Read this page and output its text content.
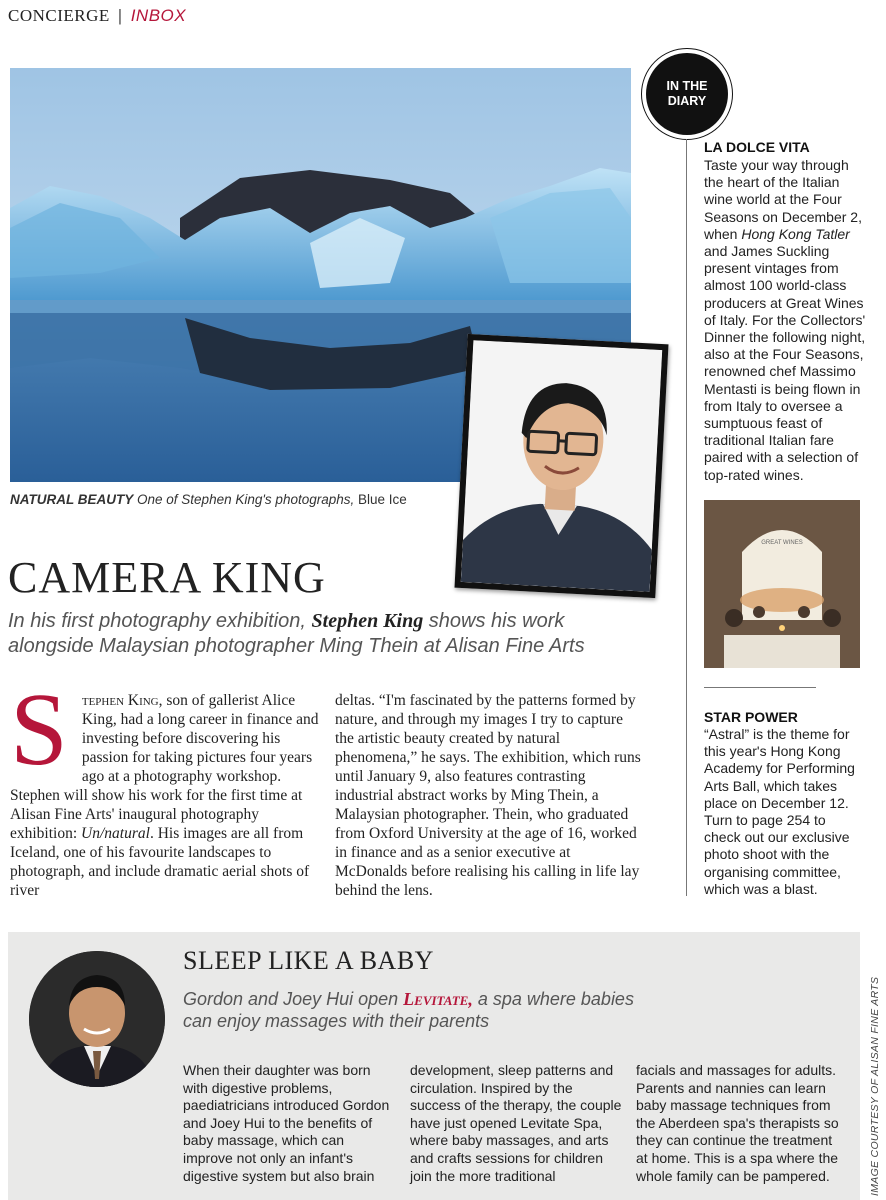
CONCIERGE | INBOX
NATURAL BEAUTY One of Stephen King's photographs, Blue Ice
CAMERA KING
In his first photography exhibition, Stephen King shows his work alongside Malaysian photographer Ming Thein at Alisan Fine Arts
Stephen King, son of gallerist Alice King, had a long career in finance and investing before discovering his passion for taking pictures four years ago at a photography workshop. Stephen will show his work for the first time at Alisan Fine Arts' inaugural photography exhibition: Un/natural. His images are all from Iceland, one of his favourite landscapes to photograph, and include dramatic aerial shots of river
deltas. “I'm fascinated by the patterns formed by nature, and through my images I try to capture the artistic beauty created by natural phenomena,” he says. The exhibition, which runs until January 9, also features contrasting industrial abstract works by Ming Thein, a Malaysian photographer. Thein, who graduated from Oxford University at the age of 16, worked in finance and as a senior executive at McDonalds before realising his calling in life lay behind the lens.
IN THE
DIARY
LA DOLCE VITA
Taste your way through the heart of the Italian wine world at the Four Seasons on December 2, when Hong Kong Tatler and James Suckling present vintages from almost 100 world-class producers at Great Wines of Italy. For the Collectors' Dinner the following night, also at the Four Seasons, renowned chef Massimo Mentasti is being flown in from Italy to oversee a sumptuous feast of traditional Italian fare paired with a selection of top-rated wines.
GREAT WINES
STAR POWER
“Astral” is the theme for this year's Hong Kong Academy for Performing Arts Ball, which takes place on December 12. Turn to page 254 to check out our exclusive photo shoot with the organising committee, which was a blast.
SLEEP LIKE A BABY
Gordon and Joey Hui open Levitate, a spa where babies can enjoy massages with their parents
When their daughter was born with digestive problems, paediatricians introduced Gordon and Joey Hui to the benefits of baby massage, which can improve not only an infant's digestive system but also brain
development, sleep patterns and circulation. Inspired by the success of the therapy, the couple have just opened Levitate Spa, where baby massages, and arts and crafts sessions for children join the more traditional
facials and massages for adults. Parents and nannies can learn baby massage techniques from the Aberdeen spa's therapists so they can continue the treatment at home. This is a spa where the whole family can be pampered.	IMAGE COURTESY OF ALISAN FINE ARTS
